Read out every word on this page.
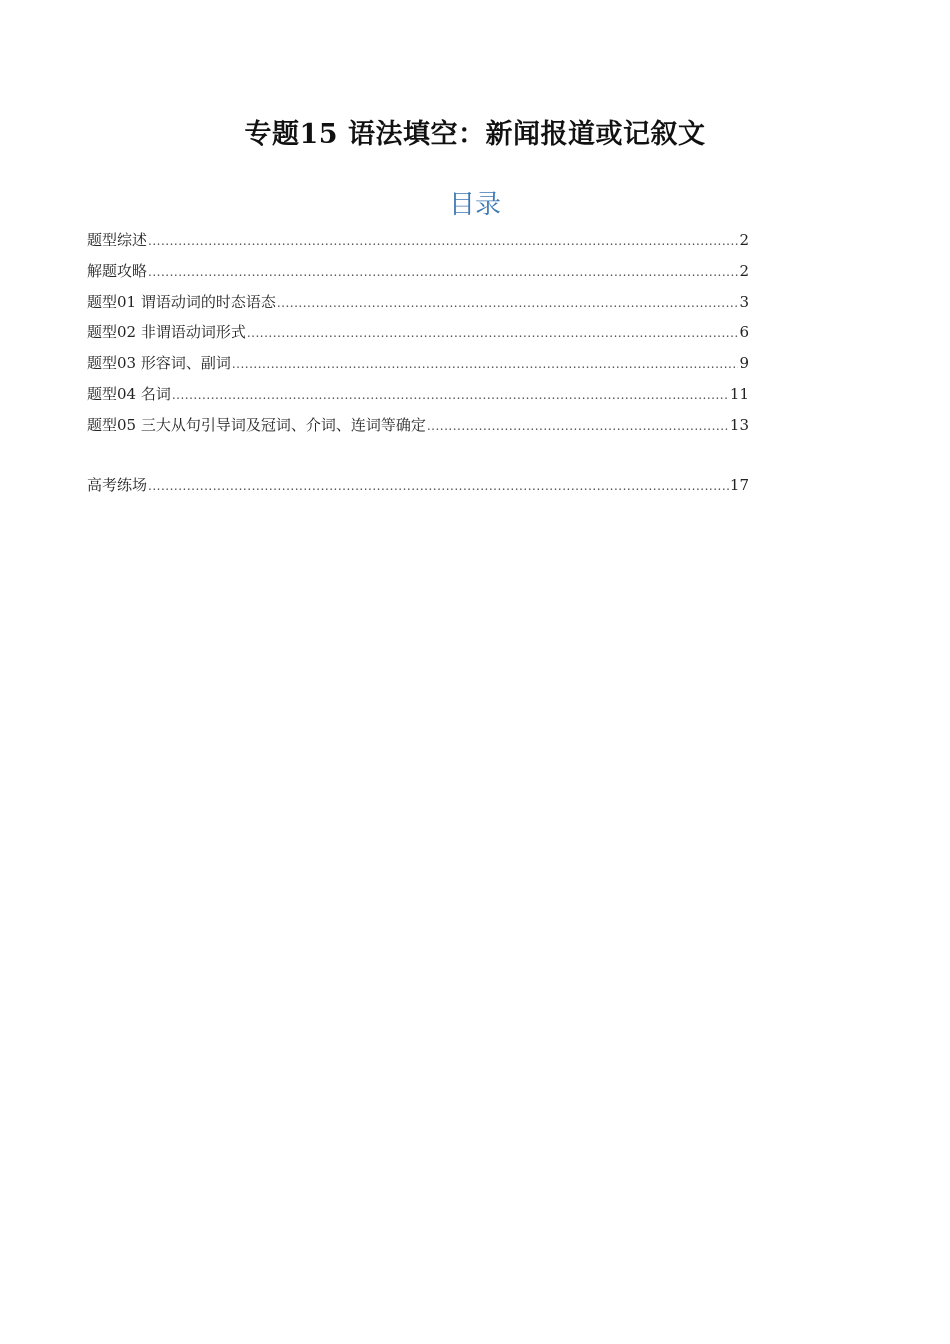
专题15 语法填空：新闻报道或记叙文
目录
题型综述 .....	2
解题攻略 .....	2
题型01 谓语动词的时态语态 .....	3
题型02 非谓语动词形式 .....	6
题型03 形容词、副词 .....	9
题型04 名词 .....	11
题型05 三大从句引导词及冠词、介词、连词等确定 .....	13
高考练场 .....	17
